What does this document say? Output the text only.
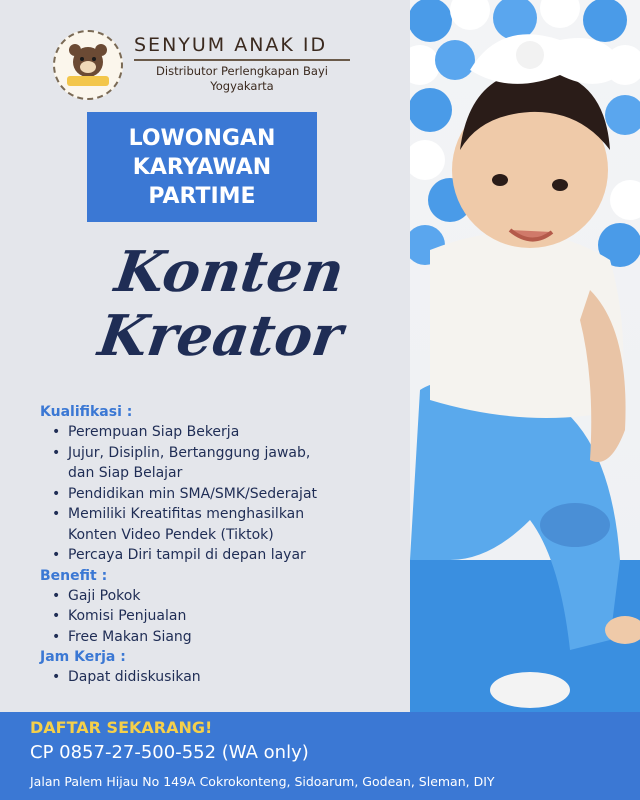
SENYUM ANAK ID
Distributor Perlengkapan Bayi
Yogyakarta
LOWONGAN
KARYAWAN
PARTIME
Konten
Kreator
Kualifikasi :
• Perempuan Siap Bekerja
• Jujur, Disiplin, Bertanggung jawab,
dan Siap Belajar
• Pendidikan min SMA/SMK/Sederajat
• Memiliki Kreatifitas menghasilkan
Konten Video Pendek (Tiktok)
• Percaya Diri tampil di depan layar
Benefit :
• Gaji Pokok
• Komisi Penjualan
• Free Makan Siang
Jam Kerja :
• Dapat didiskusikan
DAFTAR SEKARANG!
CP 0857-27-500-552 (WA only)
Jalan Palem Hijau No 149A Cokrokonteng, Sidoarum, Godean, Sleman, DIY
